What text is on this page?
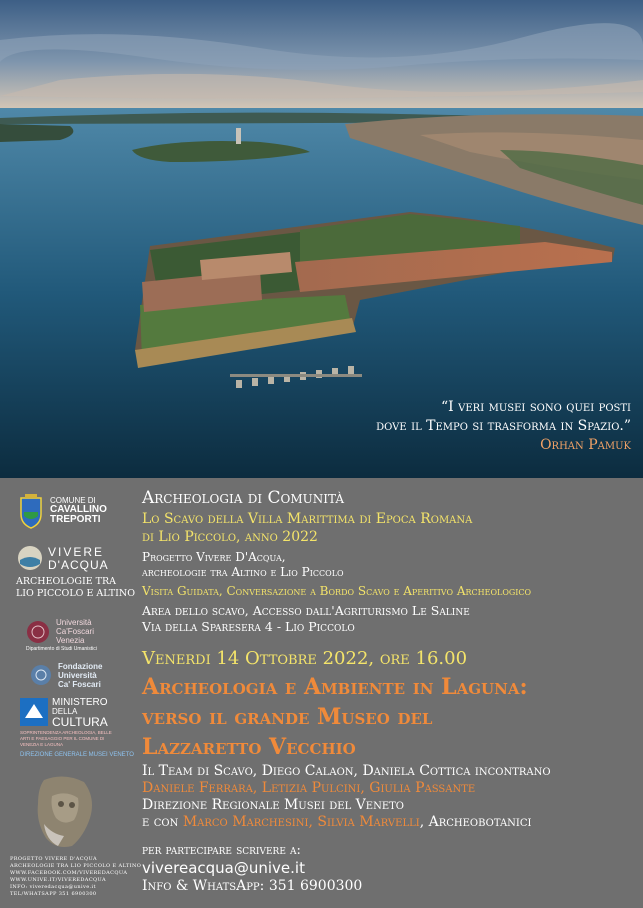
“I veri musei sono quei posti
dove il Tempo si trasforma in Spazio.”
Orhan Pamuk
COMUNE DI
CAVALLINO
TREPORTI
VIVERE
D'ACQUA
ARCHEOLOGIE TRA
LIO PICCOLO E ALTINO
Università
Ca'Foscari
Venezia
Dipartimento di Studi Umanistici
Fondazione
Università
Ca' Foscari
MINISTERO
DELLA
CULTURA
SOPRINTENDENZA ARCHEOLOGIA, BELLE ARTI E PAESAGGIO PER IL COMUNE DI VENEZIA E LAGUNA
DIREZIONE GENERALE MUSEI VENETO
PROGETTO VIVERE D'ACQUA
ARCHEOLOGIE TRA LIO PICCOLO E ALTINO
WWW.FACEBOOK.COM/VIVEREDACQUA
WWW.UNIVE.IT/VIVEREDACQUA
INFO: viveredacqua@unive.it
TEL/WHATSAPP 351 6900300
Archeologia di Comunità
Lo Scavo della Villa Marittima di Epoca Romana
di Lio Piccolo, anno 2022
Progetto Vivere D'Acqua,
archeologie tra Altino e Lio Piccolo
Visita Guidata, Conversazione a Bordo Scavo e Aperitivo Archeologico
Area dello scavo, Accesso dall'Agriturismo Le Saline
Via della Sparesera 4 - Lio Piccolo
Venerdi 14 Ottobre 2022, ore 16.00
Archeologia e Ambiente in Laguna:
verso il grande Museo del
Lazzaretto Vecchio
Il Team di Scavo, Diego Calaon, Daniela Cottica incontrano
Daniele Ferrara, Letizia Pulcini, Giulia Passante
Direzione Regionale Musei del Veneto
e con Marco Marchesini, Silvia Marvelli, Archeobotanici
per partecipare scrivere a:
vivereacqua@unive.it
Info & WhatsApp: 351 6900300
